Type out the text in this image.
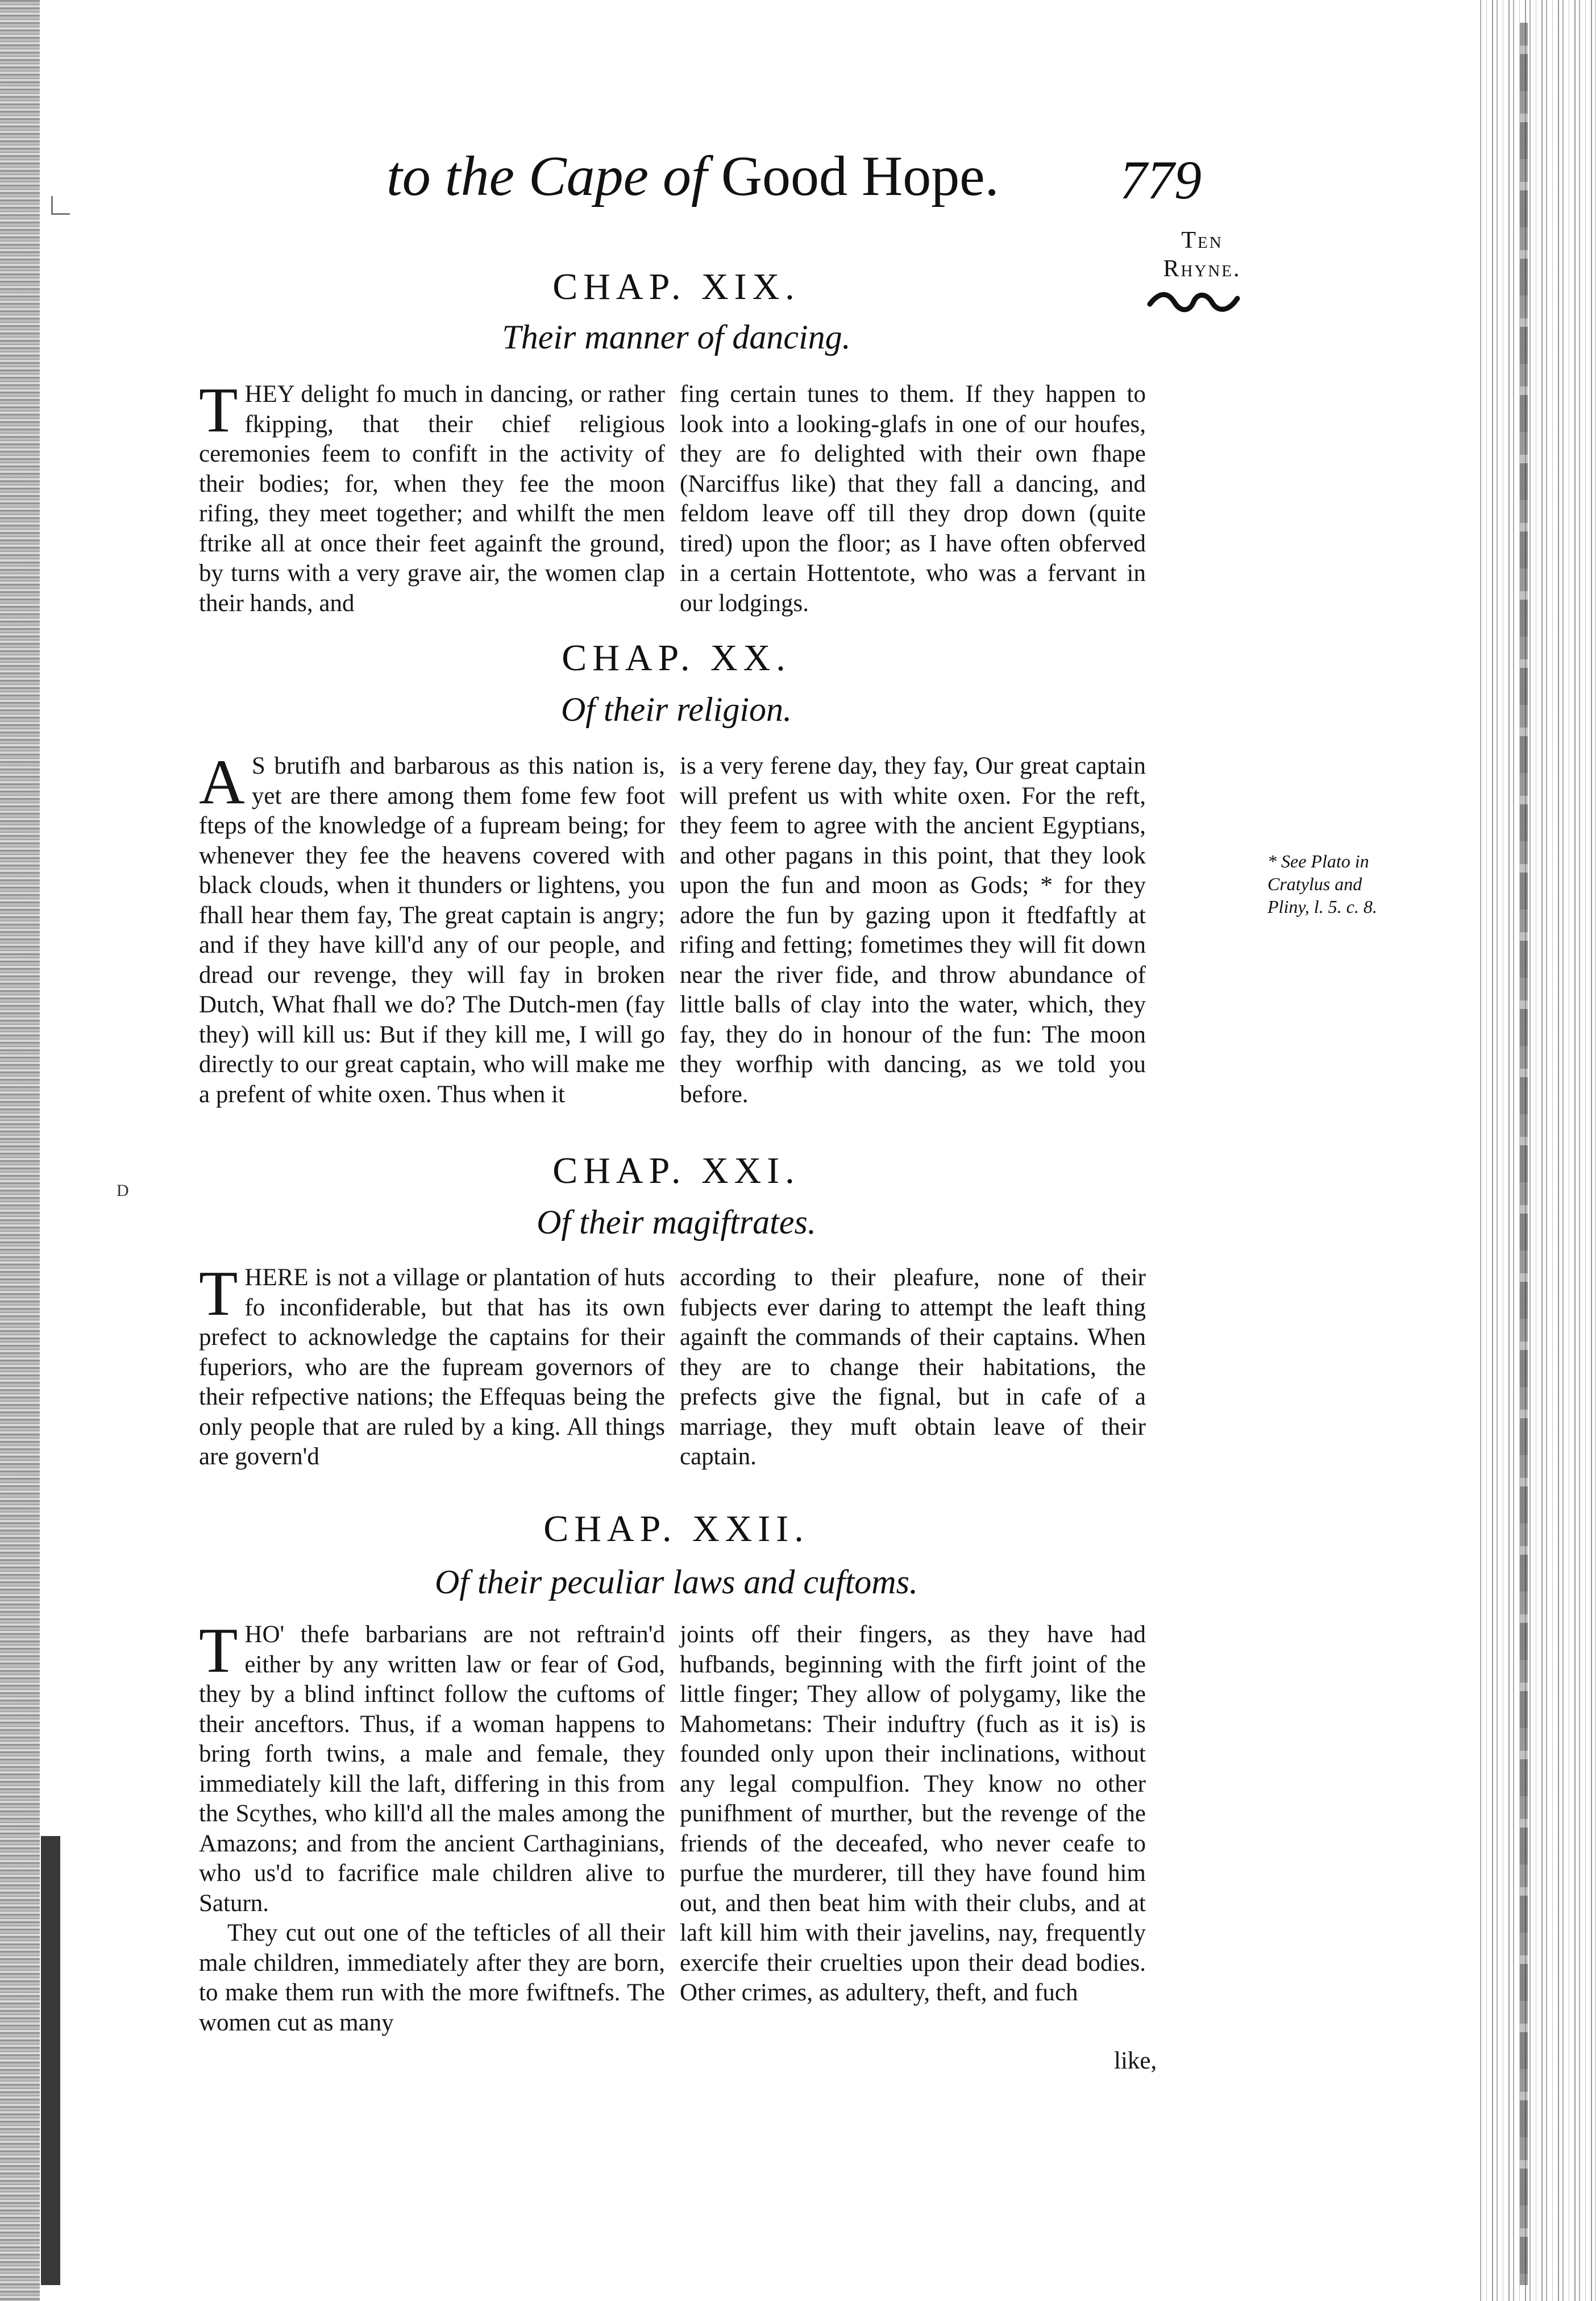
to the Cape of Good Hope. 779
Ten
Rhyne.
CHAP. XIX.
Their manner of dancing.

THEY delight fo much in dancing, or rather fkipping, that their chief religious ceremonies feem to confift in the activity of their bodies; for, when they fee the moon rifing, they meet together; and whilft the men ftrike all at once their feet againft the ground, by turns with a very grave air, the women clap their hands, and

fing certain tunes to them. If they happen to look into a looking-glafs in one of our houfes, they are fo delighted with their own fhape (Narciffus like) that they fall a dancing, and feldom leave off till they drop down (quite tired) upon the floor; as I have often obferved in a certain Hottentote, who was a fervant in our lodgings.

CHAP. XX.
Of their religion.

A S brutifh and barbarous as this nation is, yet are there among them fome few foot fteps of the knowledge of a fupream being; for whenever they fee the heavens covered with black clouds, when it thunders or lightens, you fhall hear them fay, The great captain is angry; and if they have kill'd any of our people, and dread our revenge, they will fay in broken Dutch, What fhall we do? The Dutch-men (fay they) will kill us: But if they kill me, I will go directly to our great captain, who will make me a prefent of white oxen. Thus when it

is a very ferene day, they fay, Our great captain will prefent us with white oxen. For the reft, they feem to agree with the ancient Egyptians, and other pagans in this point, that they look upon the fun and moon as Gods; * for they adore the fun by gazing upon it ftedfaftly at rifing and fetting; fometimes they will fit down near the river fide, and throw abundance of little balls of clay into the water, which, they fay, they do in honour of the fun: The moon they worfhip with dancing, as we told you before.

* See Plato in Cratylus and Pliny, l. 5. c. 8.
D	CHAP. XXI.
Of their magiftrates.

THERE is not a village or plantation of huts fo inconfiderable, but that has its own prefect to acknowledge the captains for their fuperiors, who are the fupream governors of their refpective nations; the Effequas being the only people that are ruled by a king. All things are govern'd

according to their pleafure, none of their fubjects ever daring to attempt the leaft thing againft the commands of their captains. When they are to change their habitations, the prefects give the fignal, but in cafe of a marriage, they muft obtain leave of their captain.

CHAP. XXII.
Of their peculiar laws and cuftoms.

THO' thefe barbarians are not reftrain'd either by any written law or fear of God, they by a blind inftinct follow the cuftoms of their anceftors. Thus, if a woman happens to bring forth twins, a male and female, they immediately kill the laft, differing in this from the Scythes, who kill'd all the males among the Amazons; and from the ancient Carthaginians, who us'd to facrifice male children alive to Saturn.

They cut out one of the tefticles of all their male children, immediately after they are born, to make them run with the more fwiftnefs. The women cut as many

joints off their fingers, as they have had hufbands, beginning with the firft joint of the little finger; They allow of polygamy, like the Mahometans: Their induftry (fuch as it is) is founded only upon their inclinations, without any legal compulfion. They know no other punifhment of murther, but the revenge of the friends of the deceafed, who never ceafe to purfue the murderer, till they have found him out, and then beat him with their clubs, and at laft kill him with their javelins, nay, frequently exercife their cruelties upon their dead bodies. Other crimes, as adultery, theft, and fuch

like,
